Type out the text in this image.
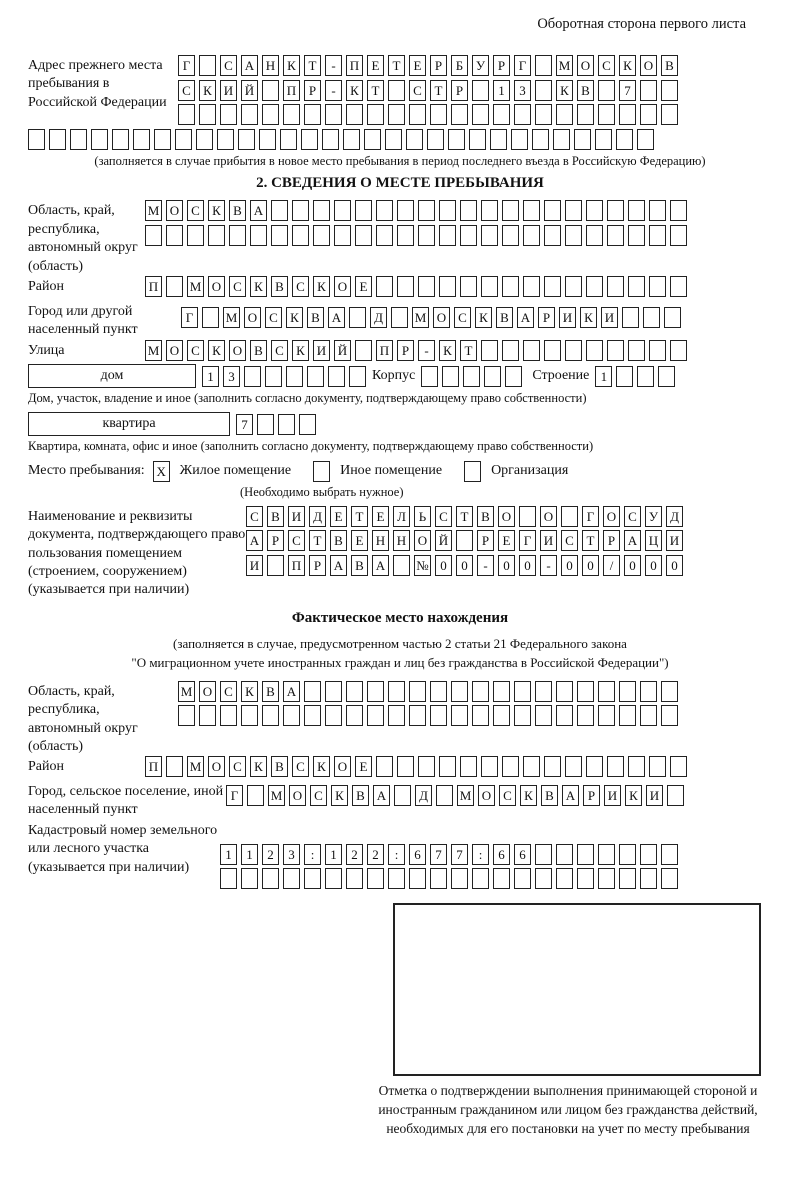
Оборотная сторона первого листа
Адрес прежнего места пребывания в Российской Федерации
Г	С А Н К Т	-	П Е	Т	Е	Р	Б У Р	Г	М О С К О В
С К И Й	П Р	-	К Т	С Т	Р	1	3	К В	7
(заполняется в случае прибытия в новое место пребывания в период последнего въезда в Российскую Федерацию)
2. СВЕДЕНИЯ О МЕСТЕ ПРЕБЫВАНИЯ
Область, край, республика, автономный округ (область)
М О С К В А
Район	П М О С К В С К О Е
Город или другой населенный пункт
Г	М О С К В А	Д	М О С К В А Р И К И
Улица	М О С К О В С К И Й	П Р	-	К Т
дом	1	3	Корпус	Строение 1
Дом, участок, владение и иное (заполнить согласно документу, подтверждающему право собственности)
квартира	7
Квартира, комната, офис и иное (заполнить согласно документу, подтверждающему право собственности)
Место пребывания: X Жилое помещение	Иное помещение	Организация
(Необходимо выбрать нужное)
Наименование и реквизиты документа, подтверждающего право пользования помещением (строением, сооружением) (указывается при наличии)
С В И Д Е	Т	Е Л Ь С Т В О	О	Г О С У Д
А Р	С Т В Е Н Н О Й	Р	Е	Г И С Т	Р А Ц И
И	П Р А В А № 0	0	-	0	0	-	0	0	/	0	0	0
Фактическое место нахождения
(заполняется в случае, предусмотренном частью 2 статьи 21 Федерального закона
"О миграционном учете иностранных граждан и лиц без гражданства в Российской Федерации")
Область, край, республика, автономный округ (область)
М О С К В А
Район	П М О С К В С К О Е
Город, сельское поселение, иной населенный пункт
Г	М О С К В А	Д	М О С К В А Р И К И
Кадастровый номер земельного или лесного участка (указывается при наличии)
1	1	2	3	:	1	2	2	:	6	7	7	:	6	6
Отметка о подтверждении выполнения принимающей стороной и иностранным гражданином или лицом без гражданства действий, необходимых для его постановки на учет по месту пребывания
